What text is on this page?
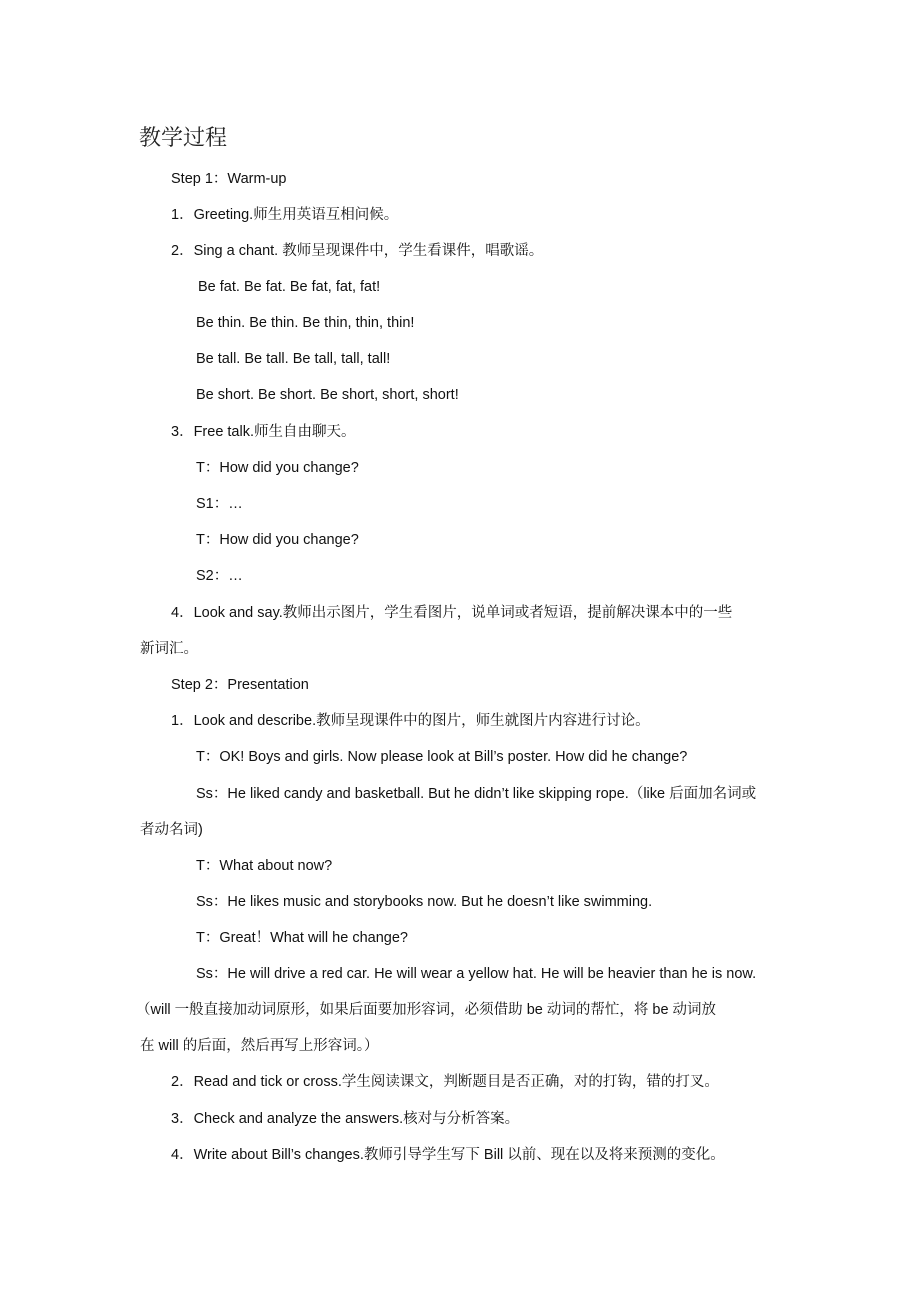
教学过程
Step 1：Warm-up
1．Greeting.师生用英语互相问候。
2．Sing a chant. 教师呈现课件中，学生看课件，唱歌谣。
Be fat. Be fat. Be fat, fat, fat!
Be thin. Be thin. Be thin, thin, thin!
Be tall. Be tall. Be tall, tall, tall!
Be short. Be short. Be short, short, short!
3．Free talk.师生自由聊天。
T：How did you change?
S1：…
T：How did you change?
S2：…
4．Look and say.教师出示图片，学生看图片，说单词或者短语，提前解决课本中的一些
新词汇。
Step 2：Presentation
1．Look and describe.教师呈现课件中的图片，师生就图片内容进行讨论。
T：OK! Boys and girls. Now please look at Bill’s poster. How did he change?
Ss：He liked candy and basketball. But he didn’t like skipping rope.（like 后面加名词或
者动名词)
T：What about now?
Ss：He likes music and storybooks now. But he doesn’t like swimming.
T：Great！What will he change?
Ss：He will drive a red car. He will wear a yellow hat. He will be heavier than he is now.
（will 一般直接加动词原形，如果后面要加形容词，必须借助 be 动词的帮忙，将 be 动词放
在 will 的后面，然后再写上形容词。）
2．Read and tick or cross.学生阅读课文，判断题目是否正确，对的打钩，错的打叉。
3．Check and analyze the answers.核对与分析答案。
4．Write about Bill’s changes.教师引导学生写下 Bill 以前、现在以及将来预测的变化。
